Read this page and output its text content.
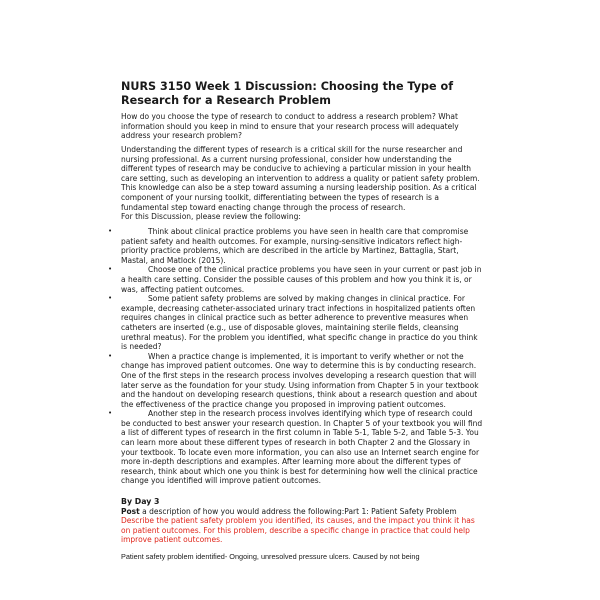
NURS 3150 Week 1 Discussion: Choosing the Type of Research for a Research Problem

How do you choose the type of research to conduct to address a research problem? What information should you keep in mind to ensure that your research process will adequately address your research problem?

Understanding the different types of research is a critical skill for the nurse researcher and nursing professional. As a current nursing professional, consider how understanding the different types of research may be conducive to achieving a particular mission in your health care setting, such as developing an intervention to address a quality or patient safety problem. This knowledge can also be a step toward assuming a nursing leadership position. As a critical component of your nursing toolkit, differentiating between the types of research is a fundamental step toward enacting change through the process of research.

For this Discussion, please review the following:

•	Think about clinical practice problems you have seen in health care that compromise patient safety and health outcomes. For example, nursing-sensitive indicators reflect high-priority practice problems, which are described in the article by Martinez, Battaglia, Start, Mastal, and Matlock (2015).
•	Choose one of the clinical practice problems you have seen in your current or past job in a health care setting. Consider the possible causes of this problem and how you think it is, or was, affecting patient outcomes.
•	Some patient safety problems are solved by making changes in clinical practice. For example, decreasing catheter-associated urinary tract infections in hospitalized patients often requires changes in clinical practice such as better adherence to preventive measures when catheters are inserted (e.g., use of disposable gloves, maintaining sterile fields, cleansing urethral meatus). For the problem you identified, what specific change in practice do you think is needed?
•	When a practice change is implemented, it is important to verify whether or not the change has improved patient outcomes. One way to determine this is by conducting research. One of the first steps in the research process involves developing a research question that will later serve as the foundation for your study. Using information from Chapter 5 in your textbook and the handout on developing research questions, think about a research question and about the effectiveness of the practice change you proposed in improving patient outcomes.
•	Another step in the research process involves identifying which type of research could be conducted to best answer your research question. In Chapter 5 of your textbook you will find a list of different types of research in the first column in Table 5-1, Table 5-2, and Table 5-3. You can learn more about these different types of research in both Chapter 2 and the Glossary in your textbook. To locate even more information, you can also use an Internet search engine for more in-depth descriptions and examples. After learning more about the different types of research, think about which one you think is best for determining how well the clinical practice change you identified will improve patient outcomes.
By Day 3

Post a description of how you would address the following:Part 1: Patient Safety Problem

Describe the patient safety problem you identified, its causes, and the impact you think it has on patient outcomes. For this problem, describe a specific change in practice that could help improve patient outcomes.

Patient safety problem identified- Ongoing, unresolved pressure ulcers. Caused by not being
